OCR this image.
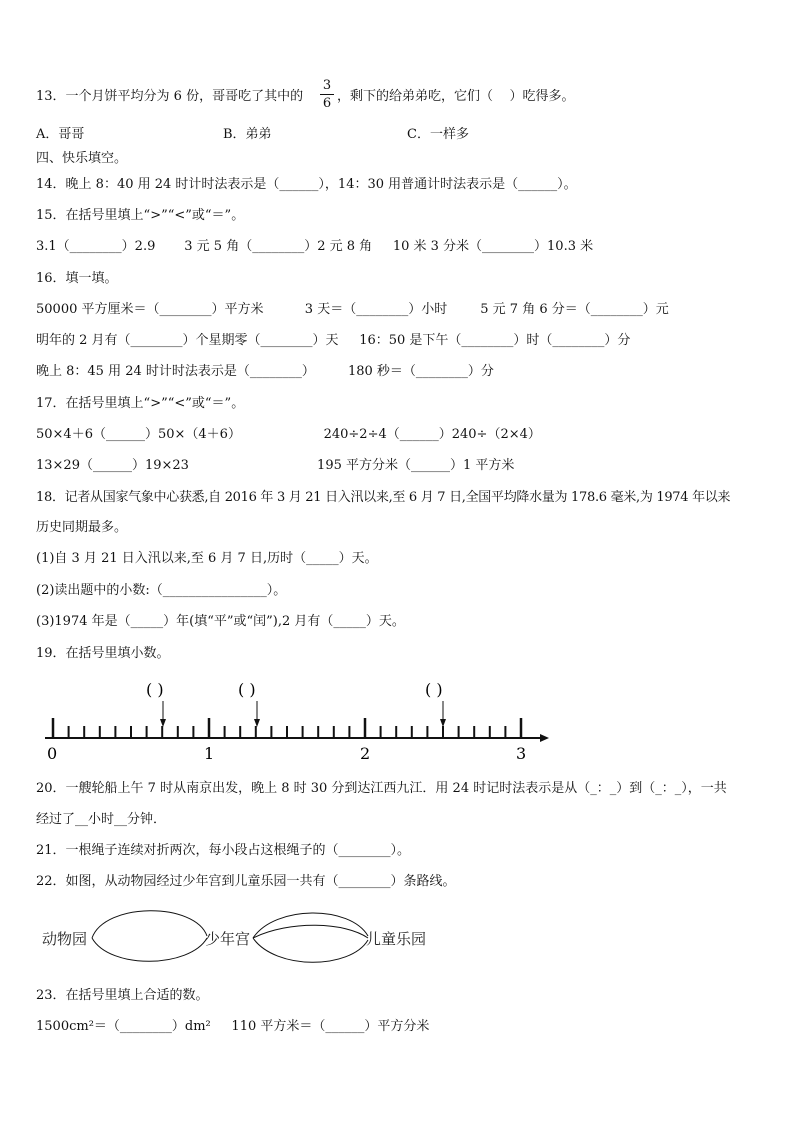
13．一个月饼平均分为 6 份，哥哥吃了其中的
3
6 ，剩下的给弟弟吃，它们（    ）吃得多。
A．哥哥	B．弟弟	C．一样多
四、快乐填空。
14．晚上 8：40 用 24 时计时法表示是（______），14：30 用普通计时法表示是（______）。
15．在括号里填上“>”“<”或“＝”。
3.1（________）2.9       3 元 5 角（________）2 元 8 角     10 米 3 分米（________）10.3 米
16．填一填。
50000 平方厘米＝（________）平方米          3 天＝（________）小时        5 元 7 角 6 分＝（________）元
明年的 2 月有（________）个星期零（________）天     16：50 是下午（________）时（________）分
晚上 8：45 用 24 时计时法表示是（________）        180 秒＝（________）分
17．在括号里填上“>”“<”或“＝”。
50×4＋6（______）50×（4＋6）                    240÷2÷4（______）240÷（2×4）
13×29（______）19×23                               195 平方分米（______）1 平方米
18．记者从国家气象中心获悉,自 2016 年 3 月 21 日入汛以来,至 6 月 7 日,全国平均降水量为 178.6 毫米,为 1974 年以来
历史同期最多。
(1)自 3 月 21 日入汛以来,至 6 月 7 日,历时（_____）天。
(2)读出题中的小数:（________________）。
(3)1974 年是（_____）年(填“平”或“闰”),2 月有（_____）天。
19．在括号里填小数。
( )	( )	( )
0	1	2	3
20．一艘轮船上午 7 时从南京出发，晚上 8 时 30 分到达江西九江．用 24 时记时法表示是从（_：_）到（_：_），一共
经过了__小时__分钟．
21．一根绳子连续对折两次，每小段占这根绳子的（________）。
22．如图，从动物园经过少年宫到儿童乐园一共有（________）条路线。
动物园	少年宫	儿童乐园
23．在括号里填上合适的数。
1500cm²＝（________）dm²     110 平方米＝（______）平方分米
